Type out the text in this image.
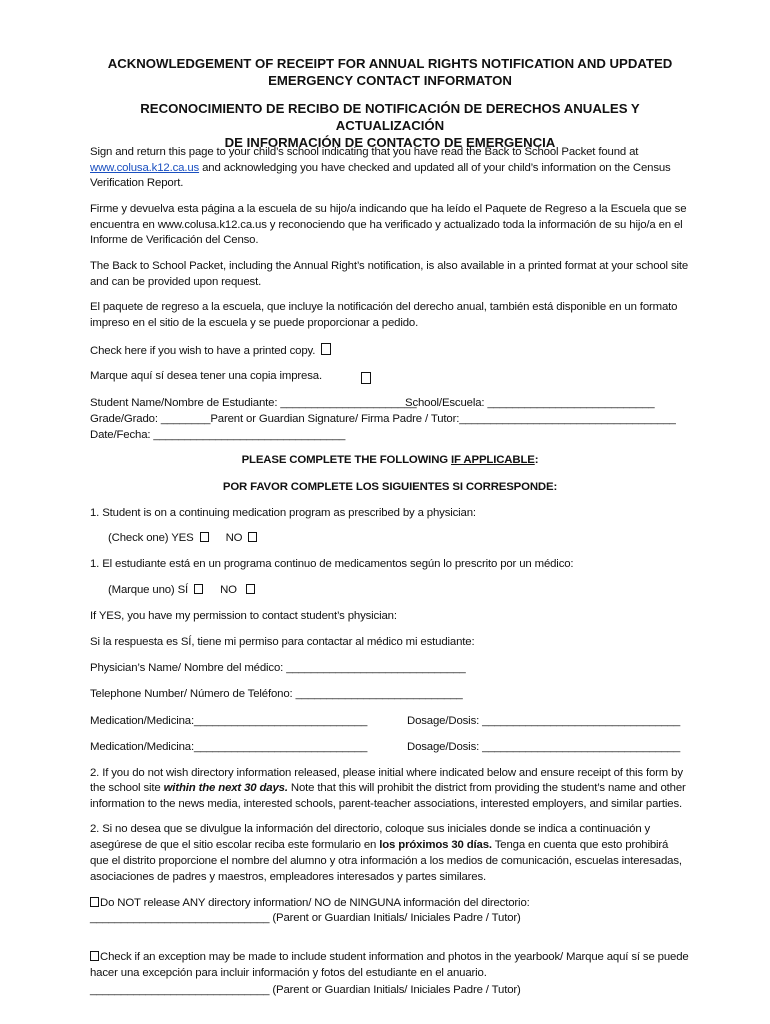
ACKNOWLEDGEMENT OF RECEIPT FOR ANNUAL RIGHTS NOTIFICATION AND UPDATED
EMERGENCY CONTACT INFORMATON
RECONOCIMIENTO DE RECIBO DE NOTIFICACIÓN DE DERECHOS ANUALES Y ACTUALIZACIÓN
DE INFORMACIÓN DE CONTACTO DE EMERGENCIA
Sign and return this page to your child’s school indicating that you have read the Back to School Packet found at
www.colusa.k12.ca.us and acknowledging you have checked and updated all of your child’s information on the Census
Verification Report.
Firme y devuelva esta página a la escuela de su hijo/a indicando que ha leído el Paquete de Regreso a la Escuela que se encuentra en www.colusa.k12.ca.us y reconociendo que ha verificado y actualizado toda la información de su hijo/a en el Informe de Verificación del Censo.
The Back to School Packet, including the Annual Right’s notification, is also available in a printed format at your school site and can be provided upon request.
El paquete de regreso a la escuela, que incluye la notificación del derecho anual, también está disponible en un formato impreso en el sitio de la escuela y se puede proporcionar a pedido.
Check here if you wish to have a printed copy.
Marque aquí sí desea tener una copia impresa.
Student Name/Nombre de Estudiante: ______________________
School/Escuela: ___________________________
Grade/Grado: ________Parent or Guardian Signature/ Firma Padre / Tutor:___________________________________
Date/Fecha: _______________________________
PLEASE COMPLETE THE FOLLOWING IF APPLICABLE:
POR FAVOR COMPLETE LOS SIGUIENTES SI CORRESPONDE:
1. Student is on a continuing medication program as prescribed by a physician:
(Check one) YES	NO
1. El estudiante está en un programa continuo de medicamentos según lo prescrito por un médico:
(Marque uno) SÍ	NO
If YES, you have my permission to contact student’s physician:
Si la respuesta es SÍ, tiene mi permiso para contactar al médico mi estudiante:
Physician’s Name/ Nombre del médico: _____________________________
Telephone Number/ Número de Teléfono: ___________________________
Medication/Medicina:____________________________	Dosage/Dosis: ________________________________
Medication/Medicina:____________________________	Dosage/Dosis: ________________________________
2. If you do not wish directory information released, please initial where indicated below and ensure receipt of this form by
the school site within the next 30 days. Note that this will prohibit the district from providing the student’s name and other
information to the news media, interested schools, parent-teacher associations, interested employers, and similar parties.
2. Si no desea que se divulgue la información del directorio, coloque sus iniciales donde se indica a continuación y
asegúrese de que el sitio escolar reciba este formulario en los próximos 30 días. Tenga en cuenta que esto prohibirá
que el distrito proporcione el nombre del alumno y otra información a los medios de comunicación, escuelas interesadas,
asociaciones de padres y maestros, empleadores interesados y partes similares.
Do NOT release ANY directory information/ NO de NINGUNA información del directorio:
_____________________________ (Parent or Guardian Initials/ Iniciales Padre / Tutor)
Check if an exception may be made to include student information and photos in the yearbook/ Marque aquí sí se puede
hacer una excepción para incluir información y fotos del estudiante en el anuario.
_____________________________ (Parent or Guardian Initials/ Iniciales Padre / Tutor)
